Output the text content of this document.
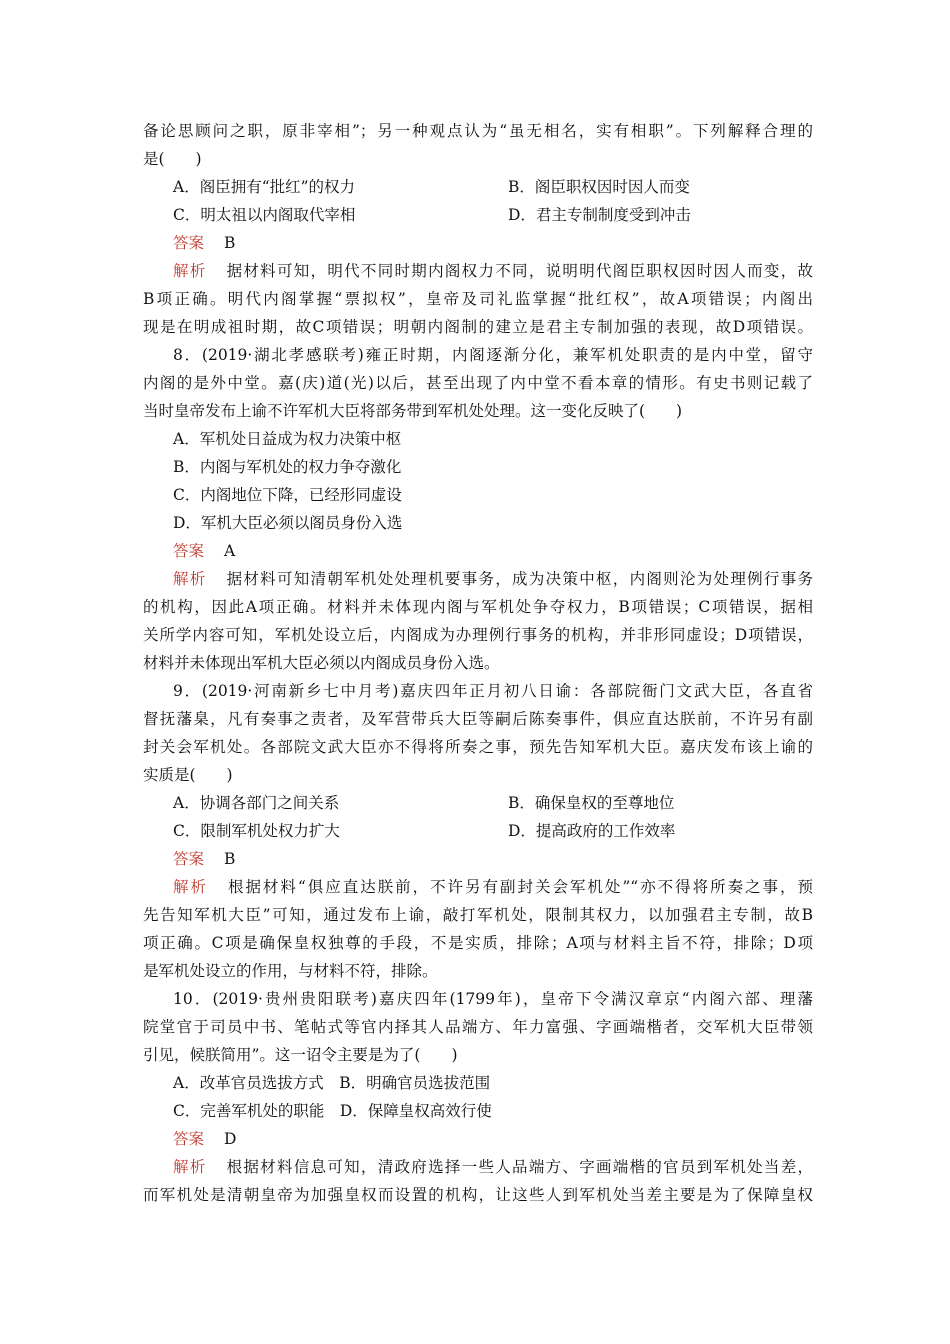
备论思顾问之职，原非宰相”；另一种观点认为“虽无相名，实有相职”。下列解释合理的
是(　　)
A．阁臣拥有“批红”的权力	B．阁臣职权因时因人而变
C．明太祖以内阁取代宰相	D．君主专制制度受到冲击
答案 B
解析 据材料可知，明代不同时期内阁权力不同，说明明代阁臣职权因时因人而变，故
B项正确。明代内阁掌握“票拟权”，皇帝及司礼监掌握“批红权”，故A项错误；内阁出
现是在明成祖时期，故C项错误；明朝内阁制的建立是君主专制加强的表现，故D项错误。
8．(2019·湖北孝感联考)雍正时期，内阁逐渐分化，兼军机处职责的是内中堂，留守
内阁的是外中堂。嘉(庆)道(光)以后，甚至出现了内中堂不看本章的情形。有史书则记载了
当时皇帝发布上谕不许军机大臣将部务带到军机处处理。这一变化反映了(　　)
A．军机处日益成为权力决策中枢
B．内阁与军机处的权力争夺激化
C．内阁地位下降，已经形同虚设
D．军机大臣必须以阁员身份入选
答案 A
解析 据材料可知清朝军机处处理机要事务，成为决策中枢，内阁则沦为处理例行事务
的机构，因此A项正确。材料并未体现内阁与军机处争夺权力，B项错误；C项错误，据相
关所学内容可知，军机处设立后，内阁成为办理例行事务的机构，并非形同虚设；D项错误，
材料并未体现出军机大臣必须以内阁成员身份入选。
9．(2019·河南新乡七中月考)嘉庆四年正月初八日谕：各部院衙门文武大臣，各直省
督抚藩臬，凡有奏事之责者，及军营带兵大臣等嗣后陈奏事件，俱应直达朕前，不许另有副
封关会军机处。各部院文武大臣亦不得将所奏之事，预先告知军机大臣。嘉庆发布该上谕的
实质是(　　)
A．协调各部门之间关系	B．确保皇权的至尊地位
C．限制军机处权力扩大	D．提高政府的工作效率
答案 B
解析 根据材料“俱应直达朕前，不许另有副封关会军机处”“亦不得将所奏之事，预
先告知军机大臣”可知，通过发布上谕，敲打军机处，限制其权力，以加强君主专制，故B
项正确。C项是确保皇权独尊的手段，不是实质，排除；A项与材料主旨不符，排除；D项
是军机处设立的作用，与材料不符，排除。
10．(2019·贵州贵阳联考)嘉庆四年(1799年)，皇帝下令满汉章京“内阁六部、理藩
院堂官于司员中书、笔帖式等官内择其人品端方、年力富强、字画端楷者，交军机大臣带领
引见，候朕简用”。这一诏令主要是为了(　　)
A．改革官员选拔方式　B．明确官员选拔范围
C．完善军机处的职能　D．保障皇权高效行使
答案 D
解析 根据材料信息可知，清政府选择一些人品端方、字画端楷的官员到军机处当差，
而军机处是清朝皇帝为加强皇权而设置的机构，让这些人到军机处当差主要是为了保障皇权
